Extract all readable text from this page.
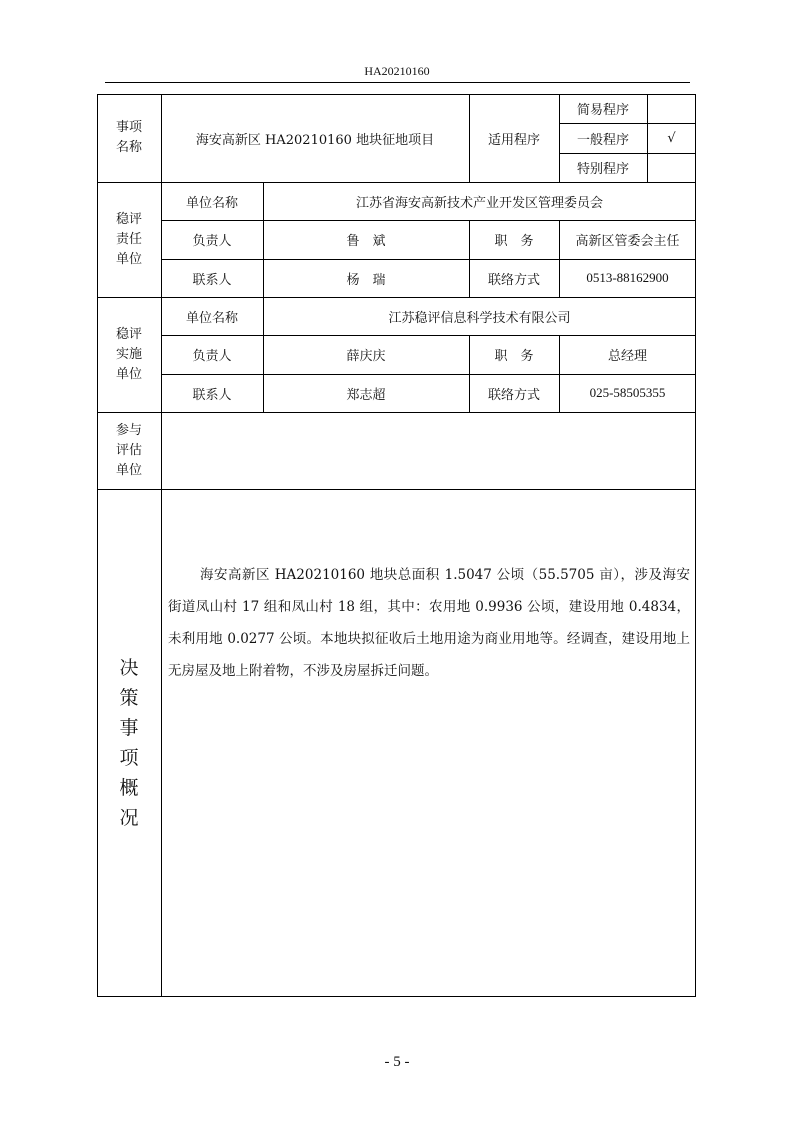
HA20210160
事项
名称	海安高新区 HA20210160 地块征地项目	适用程序
简易程序
一般程序	√
特别程序
稳评
责任
单位
单位名称	江苏省海安高新技术产业开发区管理委员会
负责人	鲁　斌	职　务	高新区管委会主任
联系人	杨　瑞	联络方式	0513-88162900
稳评
实施
单位
单位名称	江苏稳评信息科学技术有限公司
负责人	薛庆庆	职　务	总经理
联系人	郑志超	联络方式	025-58505355
参与
评估
单位
决
策
事
项
概
况
海安高新区 HA20210160 地块总面积 1.5047 公顷（55.5705 亩），涉及海安街道凤山村 17 组和凤山村 18 组，其中：农用地 0.9936 公顷，建设用地 0.4834，未利用地 0.0277 公顷。本地块拟征收后土地用途为商业用地等。经调查，建设用地上无房屋及地上附着物，不涉及房屋拆迁问题。
- 5 -
